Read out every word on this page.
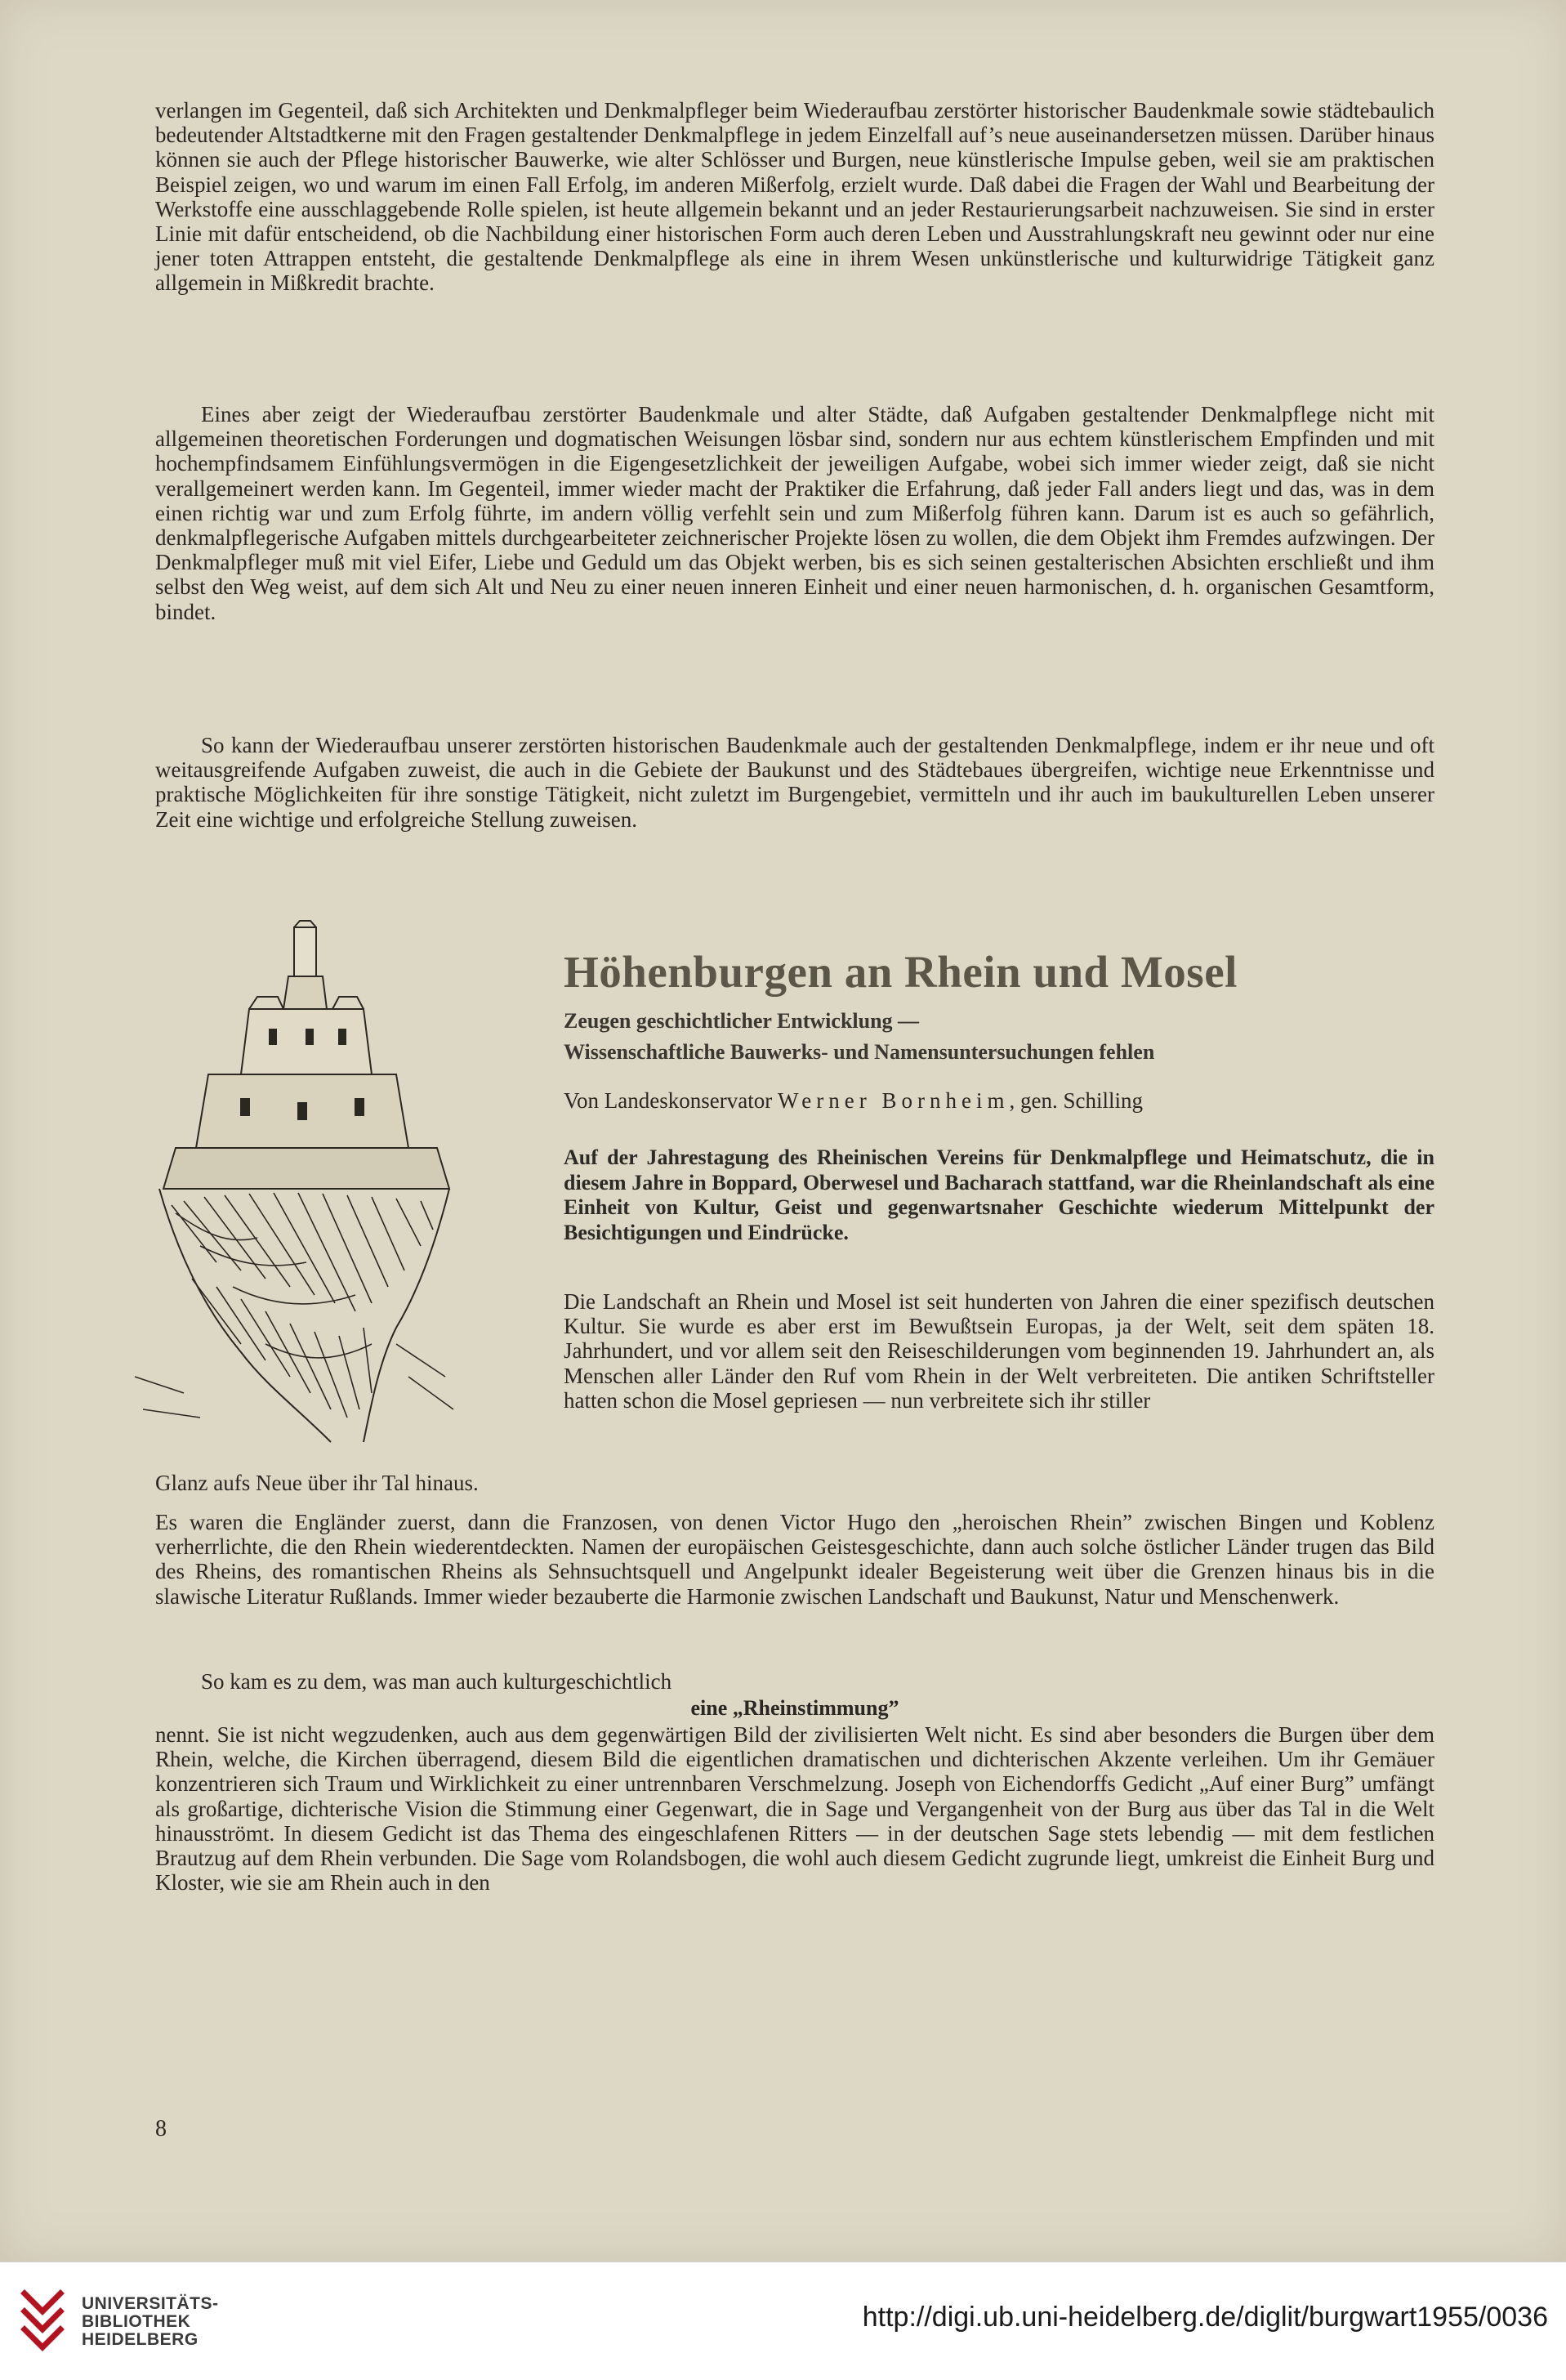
verlangen im Gegenteil, daß sich Architekten und Denkmalpfleger beim Wiederaufbau zerstörter historischer Baudenkmale sowie städtebaulich bedeutender Altstadtkerne mit den Fragen gestaltender Denkmalpflege in jedem Einzelfall auf’s neue auseinandersetzen müssen. Darüber hinaus können sie auch der Pflege historischer Bauwerke, wie alter Schlösser und Burgen, neue künstlerische Impulse geben, weil sie am praktischen Beispiel zeigen, wo und warum im einen Fall Erfolg, im anderen Mißerfolg, erzielt wurde. Daß dabei die Fragen der Wahl und Bearbeitung der Werkstoffe eine ausschlaggebende Rolle spielen, ist heute allgemein bekannt und an jeder Restaurierungsarbeit nachzuweisen. Sie sind in erster Linie mit dafür entscheidend, ob die Nachbildung einer historischen Form auch deren Leben und Ausstrahlungskraft neu gewinnt oder nur eine jener toten Attrappen entsteht, die gestaltende Denkmalpflege als eine in ihrem Wesen unkünstlerische und kulturwidrige Tätigkeit ganz allgemein in Mißkredit brachte.

Eines aber zeigt der Wiederaufbau zerstörter Baudenkmale und alter Städte, daß Aufgaben gestaltender Denkmalpflege nicht mit allgemeinen theoretischen Forderungen und dogmatischen Weisungen lösbar sind, sondern nur aus echtem künstlerischem Empfinden und mit hochempfindsamem Einfühlungsvermögen in die Eigengesetzlichkeit der jeweiligen Aufgabe, wobei sich immer wieder zeigt, daß sie nicht verallgemeinert werden kann. Im Gegenteil, immer wieder macht der Praktiker die Erfahrung, daß jeder Fall anders liegt und das, was in dem einen richtig war und zum Erfolg führte, im andern völlig verfehlt sein und zum Mißerfolg führen kann. Darum ist es auch so gefährlich, denkmalpflegerische Aufgaben mittels durchgearbeiteter zeichnerischer Projekte lösen zu wollen, die dem Objekt ihm Fremdes aufzwingen. Der Denkmalpfleger muß mit viel Eifer, Liebe und Geduld um das Objekt werben, bis es sich seinen gestalterischen Absichten erschließt und ihm selbst den Weg weist, auf dem sich Alt und Neu zu einer neuen inneren Einheit und einer neuen harmonischen, d. h. organischen Gesamtform, bindet.

So kann der Wiederaufbau unserer zerstörten historischen Baudenkmale auch der gestaltenden Denkmalpflege, indem er ihr neue und oft weitausgreifende Aufgaben zuweist, die auch in die Gebiete der Baukunst und des Städtebaues übergreifen, wichtige neue Erkenntnisse und praktische Möglichkeiten für ihre sonstige Tätigkeit, nicht zuletzt im Burgengebiet, vermitteln und ihr auch im baukulturellen Leben unserer Zeit eine wichtige und erfolgreiche Stellung zuweisen.

Höhenburgen an Rhein und Mosel

Zeugen geschichtlicher Entwicklung —

Wissenschaftliche Bauwerks- und Namensuntersuchungen fehlen

Von Landeskonservator Werner Bornheim, gen. Schilling

Auf der Jahrestagung des Rheinischen Vereins für Denkmalpflege und Heimatschutz, die in diesem Jahre in Boppard, Oberwesel und Bacharach stattfand, war die Rheinlandschaft als eine Einheit von Kultur, Geist und gegenwartsnaher Geschichte wiederum Mittelpunkt der Besichtigungen und Eindrücke.

Die Landschaft an Rhein und Mosel ist seit hunderten von Jahren die einer spezifisch deutschen Kultur. Sie wurde es aber erst im Bewußtsein Europas, ja der Welt, seit dem späten 18. Jahrhundert, und vor allem seit den Reiseschilderungen vom beginnenden 19. Jahrhundert an, als Menschen aller Länder den Ruf vom Rhein in der Welt verbreiteten. Die antiken Schriftsteller hatten schon die Mosel gepriesen — nun verbreitete sich ihr stiller

Glanz aufs Neue über ihr Tal hinaus.

Es waren die Engländer zuerst, dann die Franzosen, von denen Victor Hugo den „heroischen Rhein” zwischen Bingen und Koblenz verherrlichte, die den Rhein wiederentdeckten. Namen der europäischen Geistesgeschichte, dann auch solche östlicher Länder trugen das Bild des Rheins, des romantischen Rheins als Sehnsuchtsquell und Angelpunkt idealer Begeisterung weit über die Grenzen hinaus bis in die slawische Literatur Rußlands. Immer wieder bezauberte die Harmonie zwischen Landschaft und Baukunst, Natur und Menschenwerk.

So kam es zu dem, was man auch kulturgeschichtlich

eine „Rheinstimmung”

nennt. Sie ist nicht wegzudenken, auch aus dem gegenwärtigen Bild der zivilisierten Welt nicht. Es sind aber besonders die Burgen über dem Rhein, welche, die Kirchen überragend, diesem Bild die eigentlichen dramatischen und dichterischen Akzente verleihen. Um ihr Gemäuer konzentrieren sich Traum und Wirklichkeit zu einer untrennbaren Verschmelzung. Joseph von Eichendorffs Gedicht „Auf einer Burg” umfängt als großartige, dichterische Vision die Stimmung einer Gegenwart, die in Sage und Vergangenheit von der Burg aus über das Tal in die Welt hinausströmt. In diesem Gedicht ist das Thema des eingeschlafenen Ritters — in der deutschen Sage stets lebendig — mit dem festlichen Brautzug auf dem Rhein verbunden. Die Sage vom Rolandsbogen, die wohl auch diesem Gedicht zugrunde liegt, umkreist die Einheit Burg und Kloster, wie sie am Rhein auch in den

8
UNIVERSITÄTS-
BIBLIOTHEK
HEIDELBERG
http://digi.ub.uni-heidelberg.de/diglit/burgwart1955/0036
